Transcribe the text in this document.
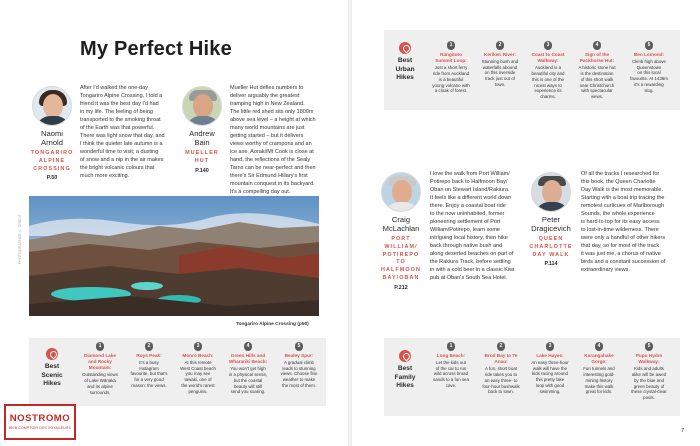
My Perfect Hike
Naomi
Arnold
TONGARIRO
ALPINE
CROSSING
P.50
After I'd walked the one-day
Tongariro Alpine Crossing, I told a
friend it was the best day I'd had
in my life. The feeling of being
transported to the smoking throat
of the Earth was that powerful.
There was light snow that day, and
I think the quieter late autumn is a
wonderful time to visit; a dusting
of snow and a nip in the air makes
the bright volcanic colours that
much more exciting.
Andrew
Bain
MUELLER
HUT
P.140
Mueller Hut defies numbers to
deliver arguably the greatest
tramping high in New Zealand.
The little red shed sits only 1800m
above sea level – a height at which
many world mountains are just
getting started – but it delivers
views worthy of crampons and an
ice axe. Aoraki/Mt Cook is close at
hand, the reflections of the Sealy
Tarns can be near-perfect and then
there's Sir Edmund Hillary's first
mountain conquest in its backyard.
It's a compelling day out.
PHOTOGRAPHER © CREDIT
Tongariro Alpine Crossing (p50)
Best
Scenic
Hikes
1
Diamond Lake
and Rocky
Mountain:
Outstanding views
of Lake Wānaka
and its alpine
surrounds.
2
Roys Peak:
It's a busy
Instagram
favourite, but that's
for a very good
reason: the views.
3
Monro Beach:
At this remote
West Coast beach
you may see
tawaki, one of
the world's rarest
penguins.
4
Green Hills and
Wharariki Beach:
You won't get high
in a physical sense,
but the coastal
beauty will still
send you soaring.
5
Bealey Spur:
A gradual climb
leads to stunning
views. Choose fine
weather to make
the most of them.
NOSTROMO
WEB COMPTOIR DES VOYAGEURS
Best
Urban
Hikes
1
Rangitoto
Summit Loop:
Just a short ferry
ride from Auckland
is a beautiful
young volcano with
a cloak of forest.
2
Kerikeri River:
Stunning bush and
waterfalls abound
on this riverside
track just out of
town.
3
Coast to Coast
Walkway:
Auckland is a
beautiful city and
this is one of the
nicest ways to
experience its
charms.
4
Sign of the
Packhorse Hut:
A historic stone hut
is the destination
of this short walk
near Christchurch
with spectacular
views.
5
Ben Lomond:
Climb high above
Queenstown
on this local
favourite. At 1438m
it's a rewarding
slog.
Craig
McLachlan
PORT
WILLIAM/
POTIREPO
TO
HALFMOON
BAY/OBAN
P.212
I love the walk from Port William/
Potirepo back to Halfmoon Bay/
Oban on Stewart Island/Rakiura.
It feels like a different world down
there. Enjoy a coastal boat ride
to the now uninhabited, former
pioneering settlement of Port
William/Potirepo, learn some
intriguing local history, then hike
back through native bush and
along deserted beaches on part of
the Rakiura Track, before settling
in with a cold beer in a classic Kiwi
pub at Oban's South Sea Hotel.
Peter
Dragicevich
QUEEN
CHARLOTTE
DAY WALK
P.114
Of all the tracks I researched for
this book, the Queen Charlotte
Day Walk is the most memorable.
Starting with a boat trip tracing the
remotest curlicues of Marlborough
Sounds, the whole experience
is hard to top for its easy access
to lost-in-time wilderness. There
were only a handful of other hikers
that day, so for most of the track
it was just me, a chorus of native
birds and a constant succession of
extraordinary views.
Best
Family
Hikes
1
Long Beach:
Let the kids out
of the car to run
wild across broad
sands to a fun sea
cave.
2
Brod Bay to Te
Anau:
A fun, short boat
ride takes you to
an easy three- to
four-hour bushwalk
back to town.
3
Lake Hayes:
An easy three-hour
walk will have the
kids racing around
this pretty lake
loop with good
swimming.
4
Karangahake
Gorge:
Fun tunnels and
interesting gold-
mining history
make this walk
great for kids.
5
Pupu Hydro
Walkway:
Kids and adults
alike will be awed
by the blue and
green beauty of
these crystal-clear
pools.
7
